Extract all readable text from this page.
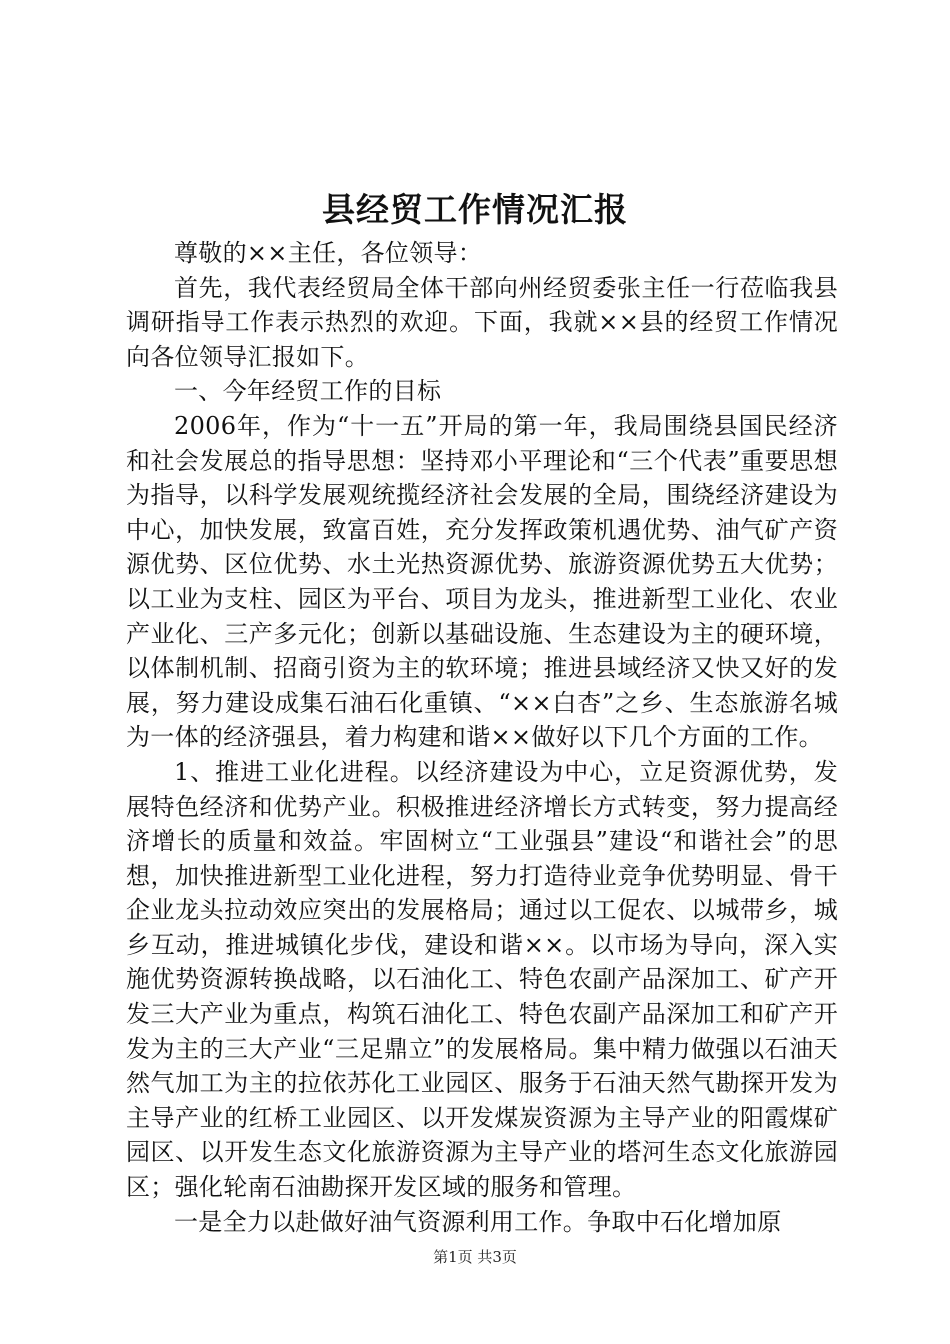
县经贸工作情况汇报

尊敬的××主任，各位领导：

首先，我代表经贸局全体干部向州经贸委张主任一行莅临我县调研指导工作表示热烈的欢迎。下面，我就××县的经贸工作情况向各位领导汇报如下。

一、今年经贸工作的目标

2006年，作为“十一五”开局的第一年，我局围绕县国民经济和社会发展总的指导思想：坚持邓小平理论和“三个代表”重要思想为指导，以科学发展观统揽经济社会发展的全局，围绕经济建设为中心，加快发展，致富百姓，充分发挥政策机遇优势、油气矿产资源优势、区位优势、水土光热资源优势、旅游资源优势五大优势；以工业为支柱、园区为平台、项目为龙头，推进新型工业化、农业产业化、三产多元化；创新以基础设施、生态建设为主的硬环境，以体制机制、招商引资为主的软环境；推进县域经济又快又好的发展，努力建设成集石油石化重镇、“××白杏”之乡、生态旅游名城为一体的经济强县，着力构建和谐××做好以下几个方面的工作。

1、推进工业化进程。以经济建设为中心，立足资源优势，发展特色经济和优势产业。积极推进经济增长方式转变，努力提高经济增长的质量和效益。牢固树立“工业强县”建设“和谐社会”的思想，加快推进新型工业化进程，努力打造待业竞争优势明显、骨干企业龙头拉动效应突出的发展格局；通过以工促农、以城带乡，城乡互动，推进城镇化步伐，建设和谐××。以市场为导向，深入实施优势资源转换战略，以石油化工、特色农副产品深加工、矿产开发三大产业为重点，构筑石油化工、特色农副产品深加工和矿产开发为主的三大产业“三足鼎立”的发展格局。集中精力做强以石油天然气加工为主的拉依苏化工业园区、服务于石油天然气勘探开发为主导产业的红桥工业园区、以开发煤炭资源为主导产业的阳霞煤矿园区、以开发生态文化旅游资源为主导产业的塔河生态文化旅游园区；强化轮南石油勘探开发区域的服务和管理。

一是全力以赴做好油气资源利用工作。争取中石化增加原

第1页 共3页
